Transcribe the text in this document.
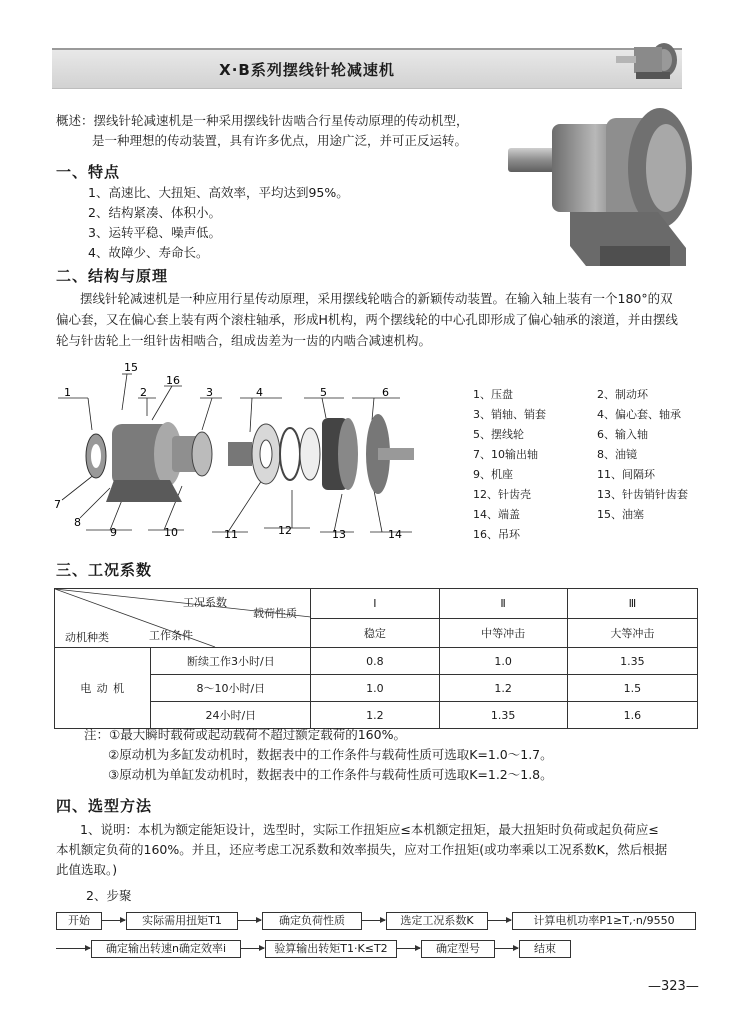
X·B系列摆线针轮减速机
概述：摆线针轮减速机是一种采用摆线针齿啮合行星传动原理的传动机型，
是一种理想的传动装置，具有许多优点，用途广泛，并可正反运转。
一、特点
1、高速比、大扭矩、高效率，平均达到95%。
2、结构紧凑、体积小。
3、运转平稳、噪声低。
4、故障少、寿命长。
二、结构与原理
摆线针轮减速机是一种应用行星传动原理，采用摆线轮啮合的新颖传动装置。在输入轴上装有一个180°的双
偏心套，又在偏心套上装有两个滚柱轴承，形成H机构，两个摆线轮的中心孔即形成了偏心轴承的滚道，并由摆线
轮与针齿轮上一组针齿相啮合，组成齿差为一齿的内啮合减速机构。
1
15
2
16
3	4	5	6
7
8
9	10	11	12	13	14
1、压盘	2、制动环
3、销轴、销套	4、偏心套、轴承
5、摆线轮	6、输入轴
7、10输出轴	8、油镜
9、机座	11、间隔环
12、针齿壳	13、针齿销针齿套
14、端盖	15、油塞
16、吊环
三、工况系数
工况系数
载荷性质
动机种类 工作条件		Ⅰ	Ⅱ	Ⅲ
		稳定	中等冲击	大等冲击
电 动 机	断续工作3小时/日	0.8	1.0	1.35
	8～10小时/日	1.0	1.2	1.5
	24小时/日	1.2	1.35	1.6
注：①最大瞬时载荷或起动载荷不超过额定载荷的160%。
②原动机为多缸发动机时，数据表中的工作条件与载荷性质可选取K=1.0～1.7。
③原动机为单缸发动机时，数据表中的工作条件与载荷性质可选取K=1.2～1.8。
四、选型方法
1、说明：本机为额定能矩设计，选型时，实际工作扭矩应≤本机额定扭矩，最大扭矩时负荷或起负荷应≤
本机额定负荷的160%。并且，还应考虑工况系数和效率损失，应对工作扭矩(或功率乘以工况系数K，然后根据
此值选取。)
2、步聚
开始	实际需用扭矩T1	确定负荷性质	选定工况系数K	计算电机功率P1≥T,·n/9550
确定输出转速n确定效率i	验算输出转矩T1·K≤T2	确定型号	结束
—323—
